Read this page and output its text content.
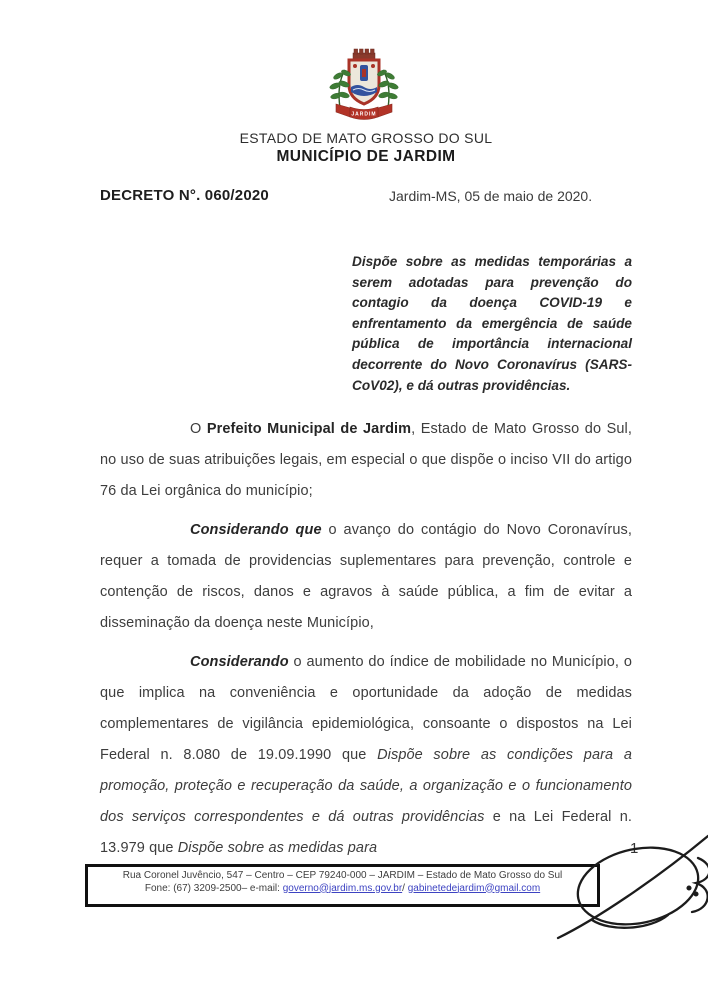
JARDIM
ESTADO DE MATO GROSSO DO SUL
MUNICÍPIO DE JARDIM
DECRETO N°. 060/2020	Jardim-MS, 05 de maio de 2020.
Dispõe sobre as medidas temporárias a serem adotadas para prevenção do contagio da doença COVID-19 e enfrentamento da emergência de saúde pública de importância internacional decorrente do Novo Coronavírus (SARS-CoV02), e dá outras providências.

O Prefeito Municipal de Jardim, Estado de Mato Grosso do Sul, no uso de suas atribuições legais, em especial o que dispõe o inciso VII do artigo 76 da Lei orgânica do município;

Considerando que o avanço do contágio do Novo Coronavírus, requer a tomada de providencias suplementares para prevenção, controle e contenção de riscos, danos e agravos à saúde pública, a fim de evitar a disseminação da doença neste Município,

Considerando o aumento do índice de mobilidade no Município, o que implica na conveniência e oportunidade da adoção de medidas complementares de vigilância epidemiológica, consoante o dispostos na Lei Federal n. 8.080 de 19.09.1990 que Dispõe sobre as condições para a promoção, proteção e recuperação da saúde, a organização e o funcionamento dos serviços correspondentes e dá outras providências e na Lei Federal n. 13.979 que Dispõe sobre as medidas para	1
Rua Coronel Juvêncio, 547 – Centro – CEP 79240-000 – JARDIM – Estado de Mato Grosso do Sul
Fone: (67) 3209-2500– e-mail: governo@jardim.ms.gov.br/ gabinetedejardim@gmail.com
